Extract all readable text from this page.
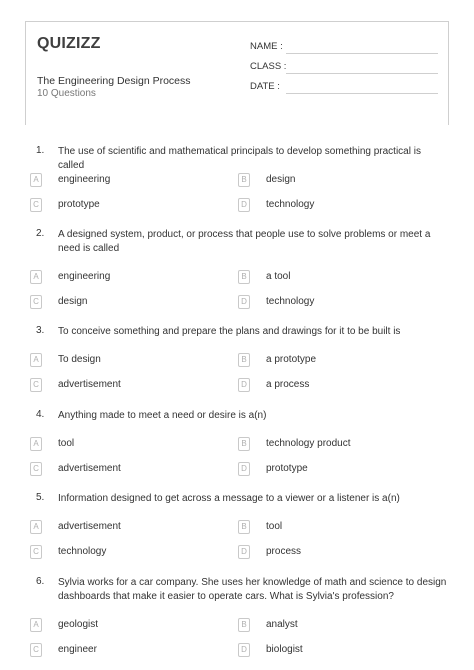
QUIZIZZ
The Engineering Design Process
10 Questions
NAME :
CLASS :
DATE :
1. The use of scientific and mathematical principals to develop something practical is called
A	engineering	B	design
C	prototype	D	technology
2. A designed system, product, or process that people use to solve problems or meet a need is called
A	engineering	B	a tool
C	design	D	technology
3. To conceive something and prepare the plans and drawings for it to be built is
A	To design	B	a prototype
C	advertisement	D	a process
4. Anything made to meet a need or desire is a(n)
A	tool	B	technology product
C	advertisement	D	prototype
5. Information designed to get across a message to a viewer or a listener is a(n)
A	advertisement	B	tool
C	technology	D	process
6. Sylvia works for a car company. She uses her knowledge of math and science to design dashboards that make it easier to operate cars. What is Sylvia's profession?
A	geologist	B	analyst
C	engineer	D	biologist
